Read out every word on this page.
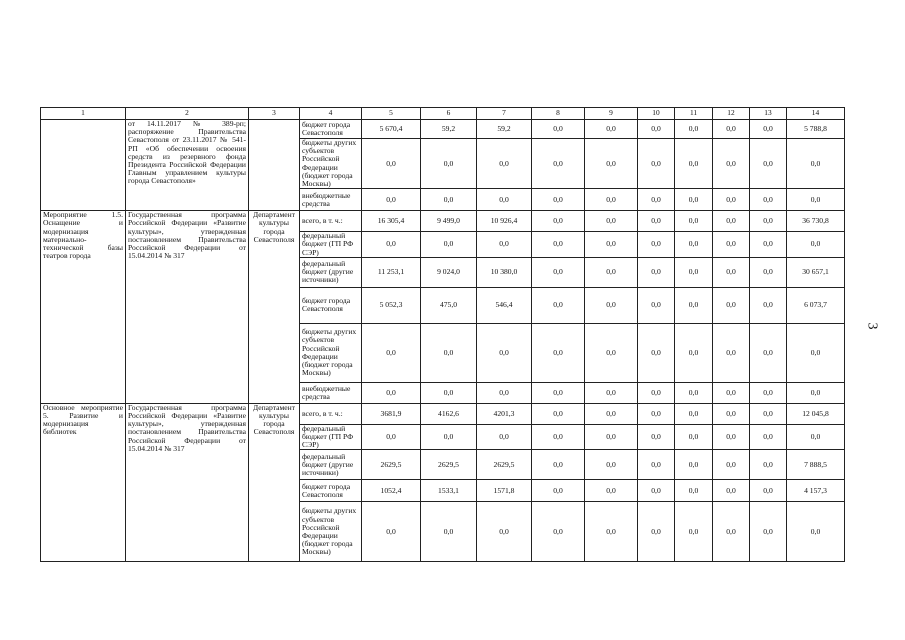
1	2	3	4	5	6	7	8	9	10	11	12	13	14
	от 14.11.2017 № 389-рп; распоряжение Правительства Севастополя от 23.11.2017 № 541-РП «Об обеспечении освоения средств из резервного фонда Президента Российской Федерации Главным управлением культуры города Севастополя»		бюджет города Севастополя	5 670,4	59,2	59,2	0,0	0,0	0,0	0,0	0,0	0,0	5 788,8
			бюджеты других субъектов Российской Федерации (бюджет города Москвы)	0,0	0,0	0,0	0,0	0,0	0,0	0,0	0,0	0,0	0,0
			внебюджетные средства	0,0	0,0	0,0	0,0	0,0	0,0	0,0	0,0	0,0	0,0
Мероприятие 1.5. Оснащение и модернизация материально-технической базы театров города	Государственная программа Российской Федерации «Развитие культуры», утвержденная постановлением Правительства Российской Федерации от 15.04.2014 № 317	Департамент культуры города Севастополя	всего, в т. ч.:	16 305,4	9 499,0	10 926,4	0,0	0,0	0,0	0,0	0,0	0,0	36 730,8
			федеральный бюджет (ГП РФ СЭР)	0,0	0,0	0,0	0,0	0,0	0,0	0,0	0,0	0,0	0,0
			федеральный бюджет (другие источники)	11 253,1	9 024,0	10 380,0	0,0	0,0	0,0	0,0	0,0	0,0	30 657,1
			бюджет города Севастополя	5 052,3	475,0	546,4	0,0	0,0	0,0	0,0	0,0	0,0	6 073,7
			бюджеты других субъектов Российской Федерации (бюджет города Москвы)	0,0	0,0	0,0	0,0	0,0	0,0	0,0	0,0	0,0	0,0
			внебюджетные средства	0,0	0,0	0,0	0,0	0,0	0,0	0,0	0,0	0,0	0,0
Основное мероприятие 5. Развитие и модернизация библиотек	Государственная программа Российской Федерации «Развитие культуры», утвержденная постановлением Правительства Российской Федерации от 15.04.2014 № 317	Департамент культуры города Севастополя	всего, в т. ч.:	3681,9	4162,6	4201,3	0,0	0,0	0,0	0,0	0,0	0,0	12 045,8
			федеральный бюджет (ГП РФ СЭР)	0,0	0,0	0,0	0,0	0,0	0,0	0,0	0,0	0,0	0,0
			федеральный бюджет (другие источники)	2629,5	2629,5	2629,5	0,0	0,0	0,0	0,0	0,0	0,0	7 888,5
			бюджет города Севастополя	1052,4	1533,1	1571,8	0,0	0,0	0,0	0,0	0,0	0,0	4 157,3
			бюджеты других субъектов Российской Федерации (бюджет города Москвы)	0,0	0,0	0,0	0,0	0,0	0,0	0,0	0,0	0,0	0,0
3
